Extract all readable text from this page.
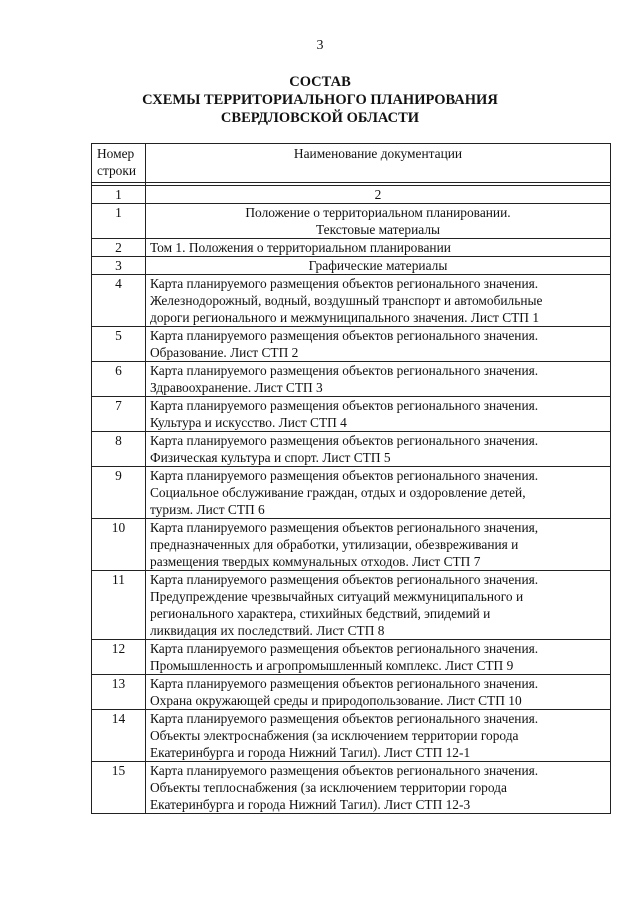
3
СОСТАВ
СХЕМЫ ТЕРРИТОРИАЛЬНОГО ПЛАНИРОВАНИЯ
СВЕРДЛОВСКОЙ ОБЛАСТИ
Номер
строки	Наименование документации

1	2
1	Положение о территориальном планировании.
Текстовые материалы

2	Том 1. Положения о территориальном планировании

3	Графические материалы

4	Карта планируемого размещения объектов регионального значения.
Железнодорожный, водный, воздушный транспорт и автомобильные
дороги регионального и межмуниципального значения. Лист СТП 1

5	Карта планируемого размещения объектов регионального значения.
Образование. Лист СТП 2

6	Карта планируемого размещения объектов регионального значения.
Здравоохранение. Лист СТП 3

7	Карта планируемого размещения объектов регионального значения.
Культура и искусство. Лист СТП 4

8	Карта планируемого размещения объектов регионального значения.
Физическая культура и спорт. Лист СТП 5

9	Карта планируемого размещения объектов регионального значения.
Социальное обслуживание граждан, отдых и оздоровление детей,
туризм. Лист СТП 6

10	Карта планируемого размещения объектов регионального значения,
предназначенных для обработки, утилизации, обезвреживания и
размещения твердых коммунальных отходов. Лист СТП 7

11	Карта планируемого размещения объектов регионального значения.
Предупреждение чрезвычайных ситуаций межмуниципального и
регионального характера, стихийных бедствий, эпидемий и
ликвидация их последствий. Лист СТП 8

12	Карта планируемого размещения объектов регионального значения.
Промышленность и агропромышленный комплекс. Лист СТП 9

13	Карта планируемого размещения объектов регионального значения.
Охрана окружающей среды и природопользование. Лист СТП 10

14	Карта планируемого размещения объектов регионального значения.
Объекты электроснабжения (за исключением территории города
Екатеринбурга и города Нижний Тагил). Лист СТП 12-1

15	Карта планируемого размещения объектов регионального значения.
Объекты теплоснабжения (за исключением территории города
Екатеринбурга и города Нижний Тагил). Лист СТП 12-3
